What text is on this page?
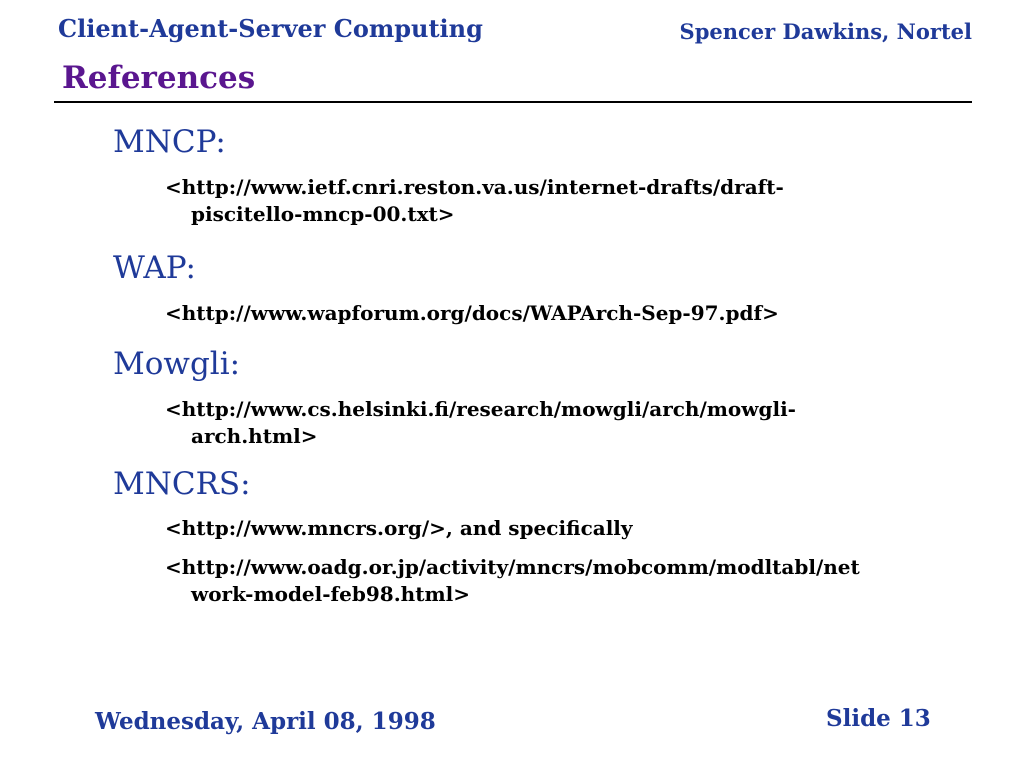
Client-Agent-Server Computing	Spencer Dawkins, Nortel
References
MNCP:
<http://www.ietf.cnri.reston.va.us/internet-drafts/draft-
piscitello-mncp-00.txt>
WAP:
<http://www.wapforum.org/docs/WAPArch-Sep-97.pdf>
Mowgli:
<http://www.cs.helsinki.fi/research/mowgli/arch/mowgli-
arch.html>
MNCRS:
<http://www.mncrs.org/>, and specifically
<http://www.oadg.or.jp/activity/mncrs/mobcomm/modltabl/net
work-model-feb98.html>
Wednesday, April 08, 1998	Slide 13
